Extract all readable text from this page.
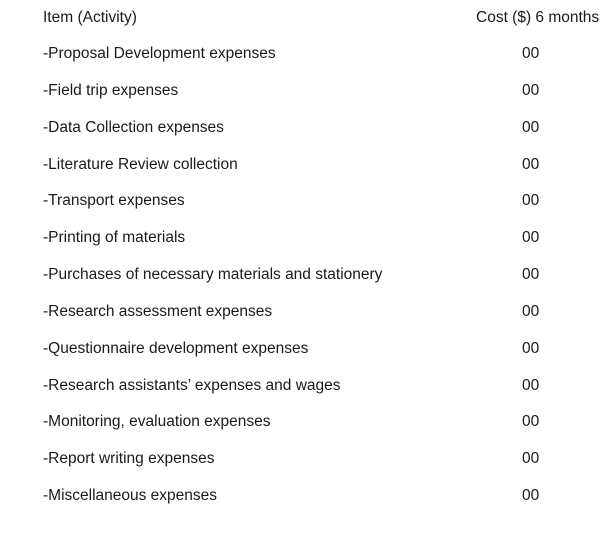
Item (Activity)	Cost ($) 6 months
-Proposal Development expenses	00
-Field trip expenses	00
-Data Collection expenses	00
-Literature Review collection	00
-Transport expenses	00
-Printing of materials	00
-Purchases of necessary materials and stationery	00
-Research assessment expenses	00
-Questionnaire development expenses	00
-Research assistants’ expenses and wages	00
-Monitoring, evaluation expenses	00
-Report writing expenses	00
-Miscellaneous expenses	00
